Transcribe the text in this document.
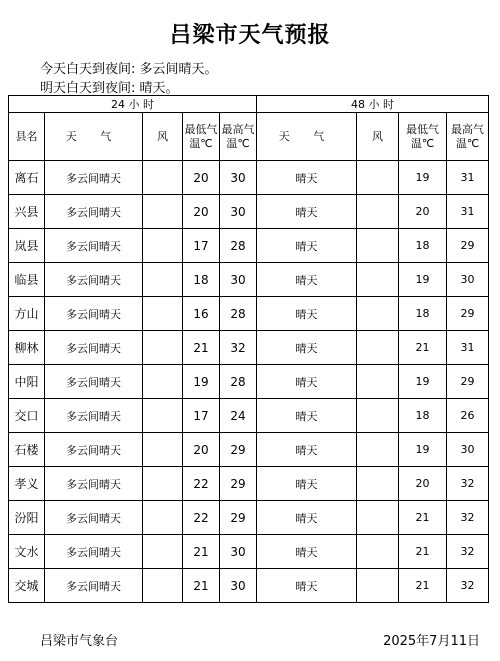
吕梁市天气预报
今天白天到夜间: 多云间晴天。
明天白天到夜间: 晴天。
24 小 时					48 小 时			
县名	天 气	风	最低气温℃	最高气温℃	天 气	风	最低气温℃	最高气温℃
离石	多云间晴天		20	30	晴天		19	31
兴县	多云间晴天		20	30	晴天		20	31
岚县	多云间晴天		17	28	晴天		18	29
临县	多云间晴天		18	30	晴天		19	30
方山	多云间晴天		16	28	晴天		18	29
柳林	多云间晴天		21	32	晴天		21	31
中阳	多云间晴天		19	28	晴天		19	29
交口	多云间晴天		17	24	晴天		18	26
石楼	多云间晴天		20	29	晴天		19	30
孝义	多云间晴天		22	29	晴天		20	32
汾阳	多云间晴天		22	29	晴天		21	32
文水	多云间晴天		21	30	晴天		21	32
交城	多云间晴天		21	30	晴天		21	32
吕梁市气象台	2025年7月11日
